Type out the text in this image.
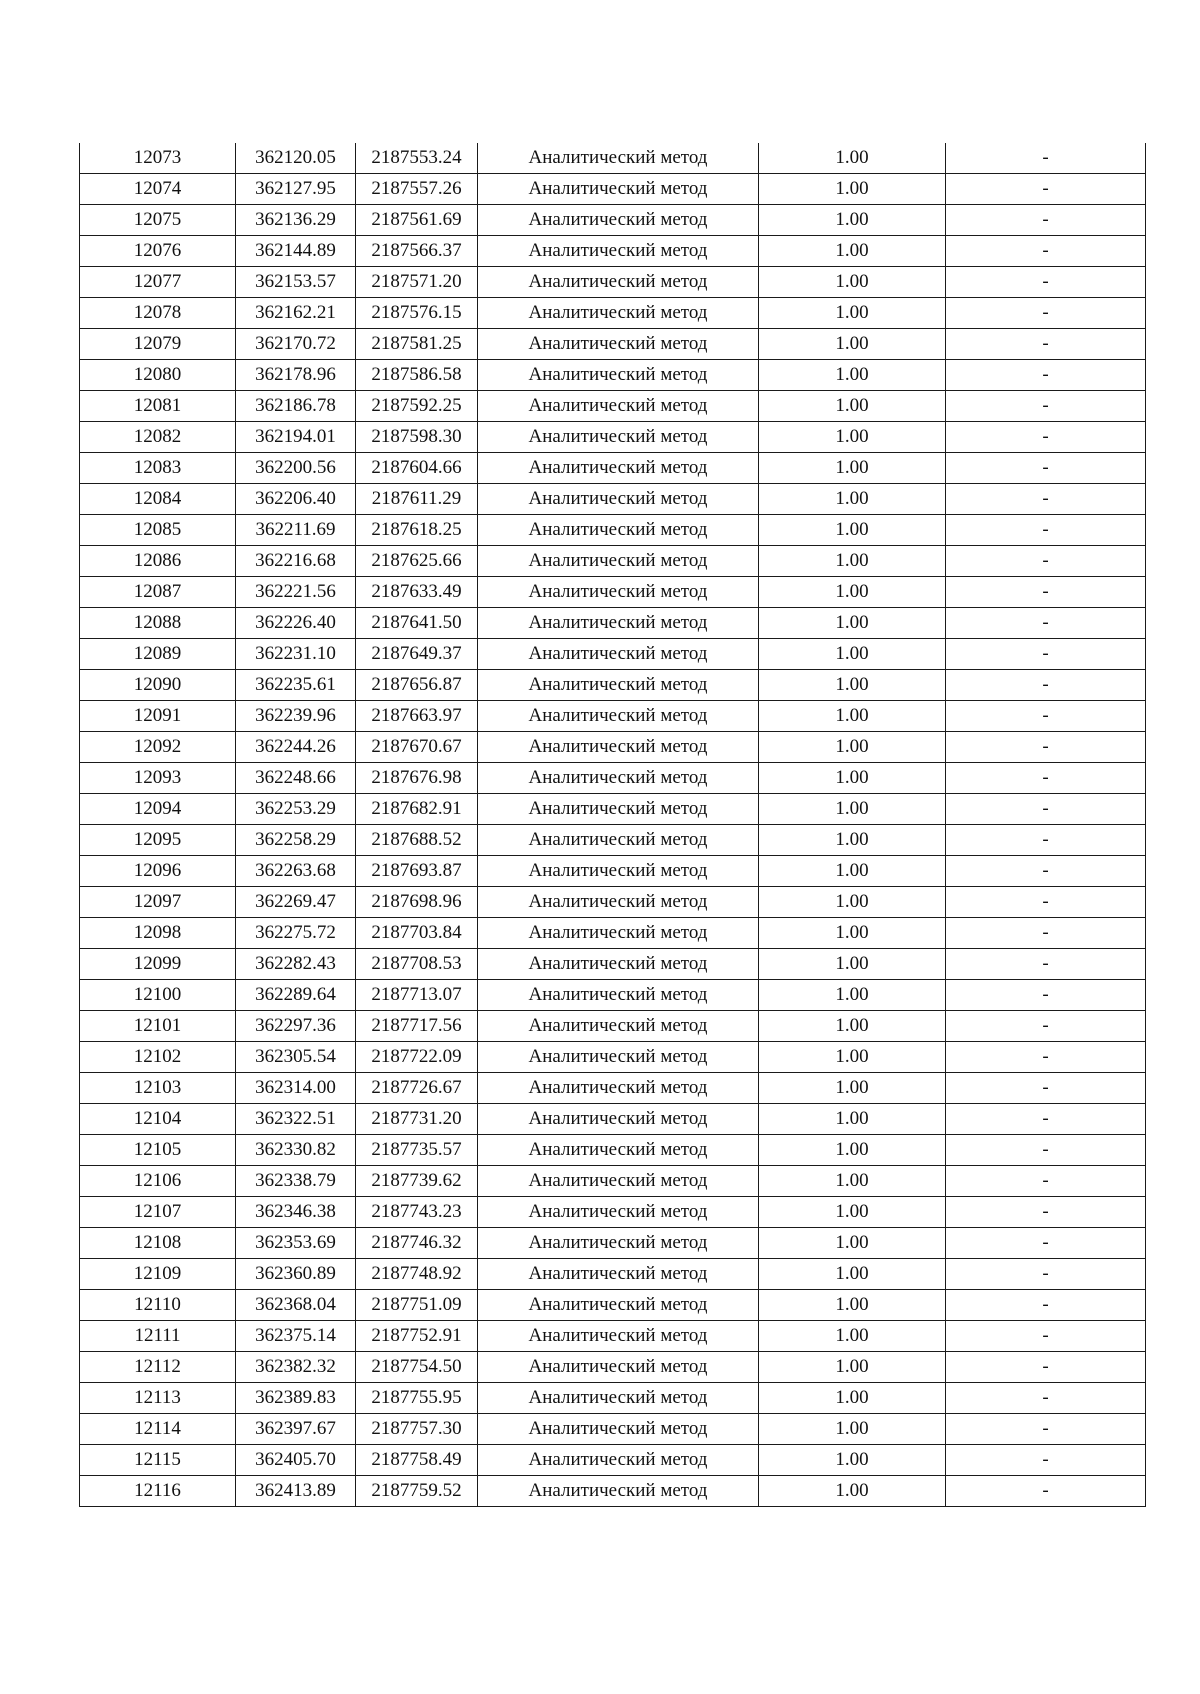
12073	362120.05	2187553.24	Аналитический метод	1.00	-
12074	362127.95	2187557.26	Аналитический метод	1.00	-
12075	362136.29	2187561.69	Аналитический метод	1.00	-
12076	362144.89	2187566.37	Аналитический метод	1.00	-
12077	362153.57	2187571.20	Аналитический метод	1.00	-
12078	362162.21	2187576.15	Аналитический метод	1.00	-
12079	362170.72	2187581.25	Аналитический метод	1.00	-
12080	362178.96	2187586.58	Аналитический метод	1.00	-
12081	362186.78	2187592.25	Аналитический метод	1.00	-
12082	362194.01	2187598.30	Аналитический метод	1.00	-
12083	362200.56	2187604.66	Аналитический метод	1.00	-
12084	362206.40	2187611.29	Аналитический метод	1.00	-
12085	362211.69	2187618.25	Аналитический метод	1.00	-
12086	362216.68	2187625.66	Аналитический метод	1.00	-
12087	362221.56	2187633.49	Аналитический метод	1.00	-
12088	362226.40	2187641.50	Аналитический метод	1.00	-
12089	362231.10	2187649.37	Аналитический метод	1.00	-
12090	362235.61	2187656.87	Аналитический метод	1.00	-
12091	362239.96	2187663.97	Аналитический метод	1.00	-
12092	362244.26	2187670.67	Аналитический метод	1.00	-
12093	362248.66	2187676.98	Аналитический метод	1.00	-
12094	362253.29	2187682.91	Аналитический метод	1.00	-
12095	362258.29	2187688.52	Аналитический метод	1.00	-
12096	362263.68	2187693.87	Аналитический метод	1.00	-
12097	362269.47	2187698.96	Аналитический метод	1.00	-
12098	362275.72	2187703.84	Аналитический метод	1.00	-
12099	362282.43	2187708.53	Аналитический метод	1.00	-
12100	362289.64	2187713.07	Аналитический метод	1.00	-
12101	362297.36	2187717.56	Аналитический метод	1.00	-
12102	362305.54	2187722.09	Аналитический метод	1.00	-
12103	362314.00	2187726.67	Аналитический метод	1.00	-
12104	362322.51	2187731.20	Аналитический метод	1.00	-
12105	362330.82	2187735.57	Аналитический метод	1.00	-
12106	362338.79	2187739.62	Аналитический метод	1.00	-
12107	362346.38	2187743.23	Аналитический метод	1.00	-
12108	362353.69	2187746.32	Аналитический метод	1.00	-
12109	362360.89	2187748.92	Аналитический метод	1.00	-
12110	362368.04	2187751.09	Аналитический метод	1.00	-
12111	362375.14	2187752.91	Аналитический метод	1.00	-
12112	362382.32	2187754.50	Аналитический метод	1.00	-
12113	362389.83	2187755.95	Аналитический метод	1.00	-
12114	362397.67	2187757.30	Аналитический метод	1.00	-
12115	362405.70	2187758.49	Аналитический метод	1.00	-
12116	362413.89	2187759.52	Аналитический метод	1.00	-
